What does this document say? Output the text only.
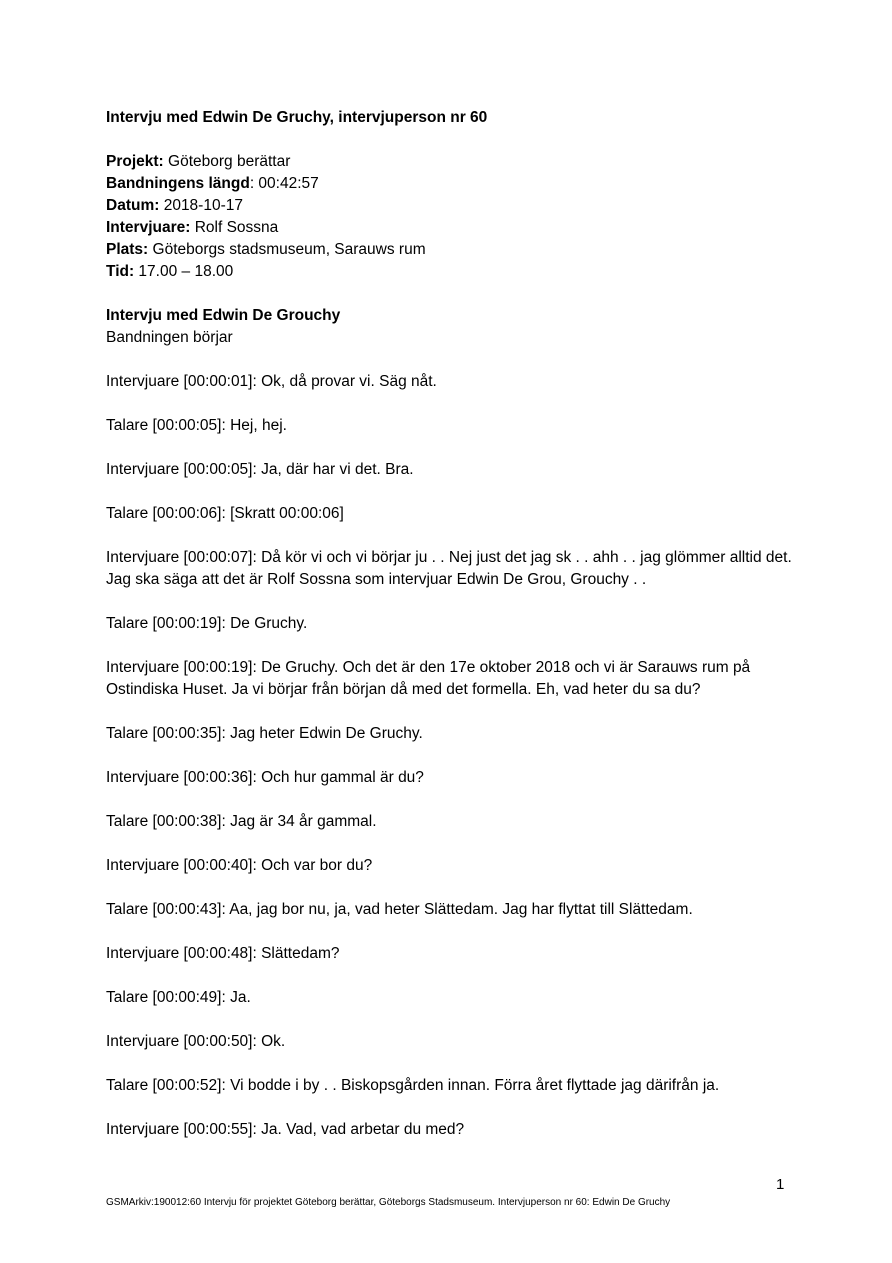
Intervju med Edwin De Gruchy, intervjuperson nr 60

Projekt: Göteborg berättar

Bandningens längd: 00:42:57

Datum: 2018-10-17

Intervjuare: Rolf Sossna

Plats: Göteborgs stadsmuseum, Sarauws rum

Tid: 17.00 – 18.00

Intervju med Edwin De Grouchy

Bandningen börjar

Intervjuare [00:00:01]: Ok, då provar vi. Säg nåt.

Talare [00:00:05]: Hej, hej.

Intervjuare [00:00:05]: Ja, där har vi det. Bra.

Talare [00:00:06]: [Skratt 00:00:06]

Intervjuare [00:00:07]: Då kör vi och vi börjar ju . . Nej just det jag sk . . ahh . . jag glömmer alltid det. Jag ska säga att det är Rolf Sossna som intervjuar Edwin De Grou, Grouchy . .

Talare [00:00:19]: De Gruchy.

Intervjuare [00:00:19]: De Gruchy. Och det är den 17e oktober 2018 och vi är Sarauws rum på Ostindiska Huset. Ja vi börjar från början då med det formella. Eh, vad heter du sa du?

Talare [00:00:35]: Jag heter Edwin De Gruchy.

Intervjuare [00:00:36]: Och hur gammal är du?

Talare [00:00:38]: Jag är 34 år gammal.

Intervjuare [00:00:40]: Och var bor du?

Talare [00:00:43]: Aa, jag bor nu, ja, vad heter Slättedam. Jag har flyttat till Slättedam.

Intervjuare [00:00:48]: Slättedam?

Talare [00:00:49]: Ja.

Intervjuare [00:00:50]: Ok.

Talare [00:00:52]: Vi bodde i by . . Biskopsgården innan. Förra året flyttade jag därifrån ja.

Intervjuare [00:00:55]: Ja. Vad, vad arbetar du med?

1
GSMArkiv:190012:60 Intervju för projektet Göteborg berättar, Göteborgs Stadsmuseum. Intervjuperson nr 60: Edwin De Gruchy
